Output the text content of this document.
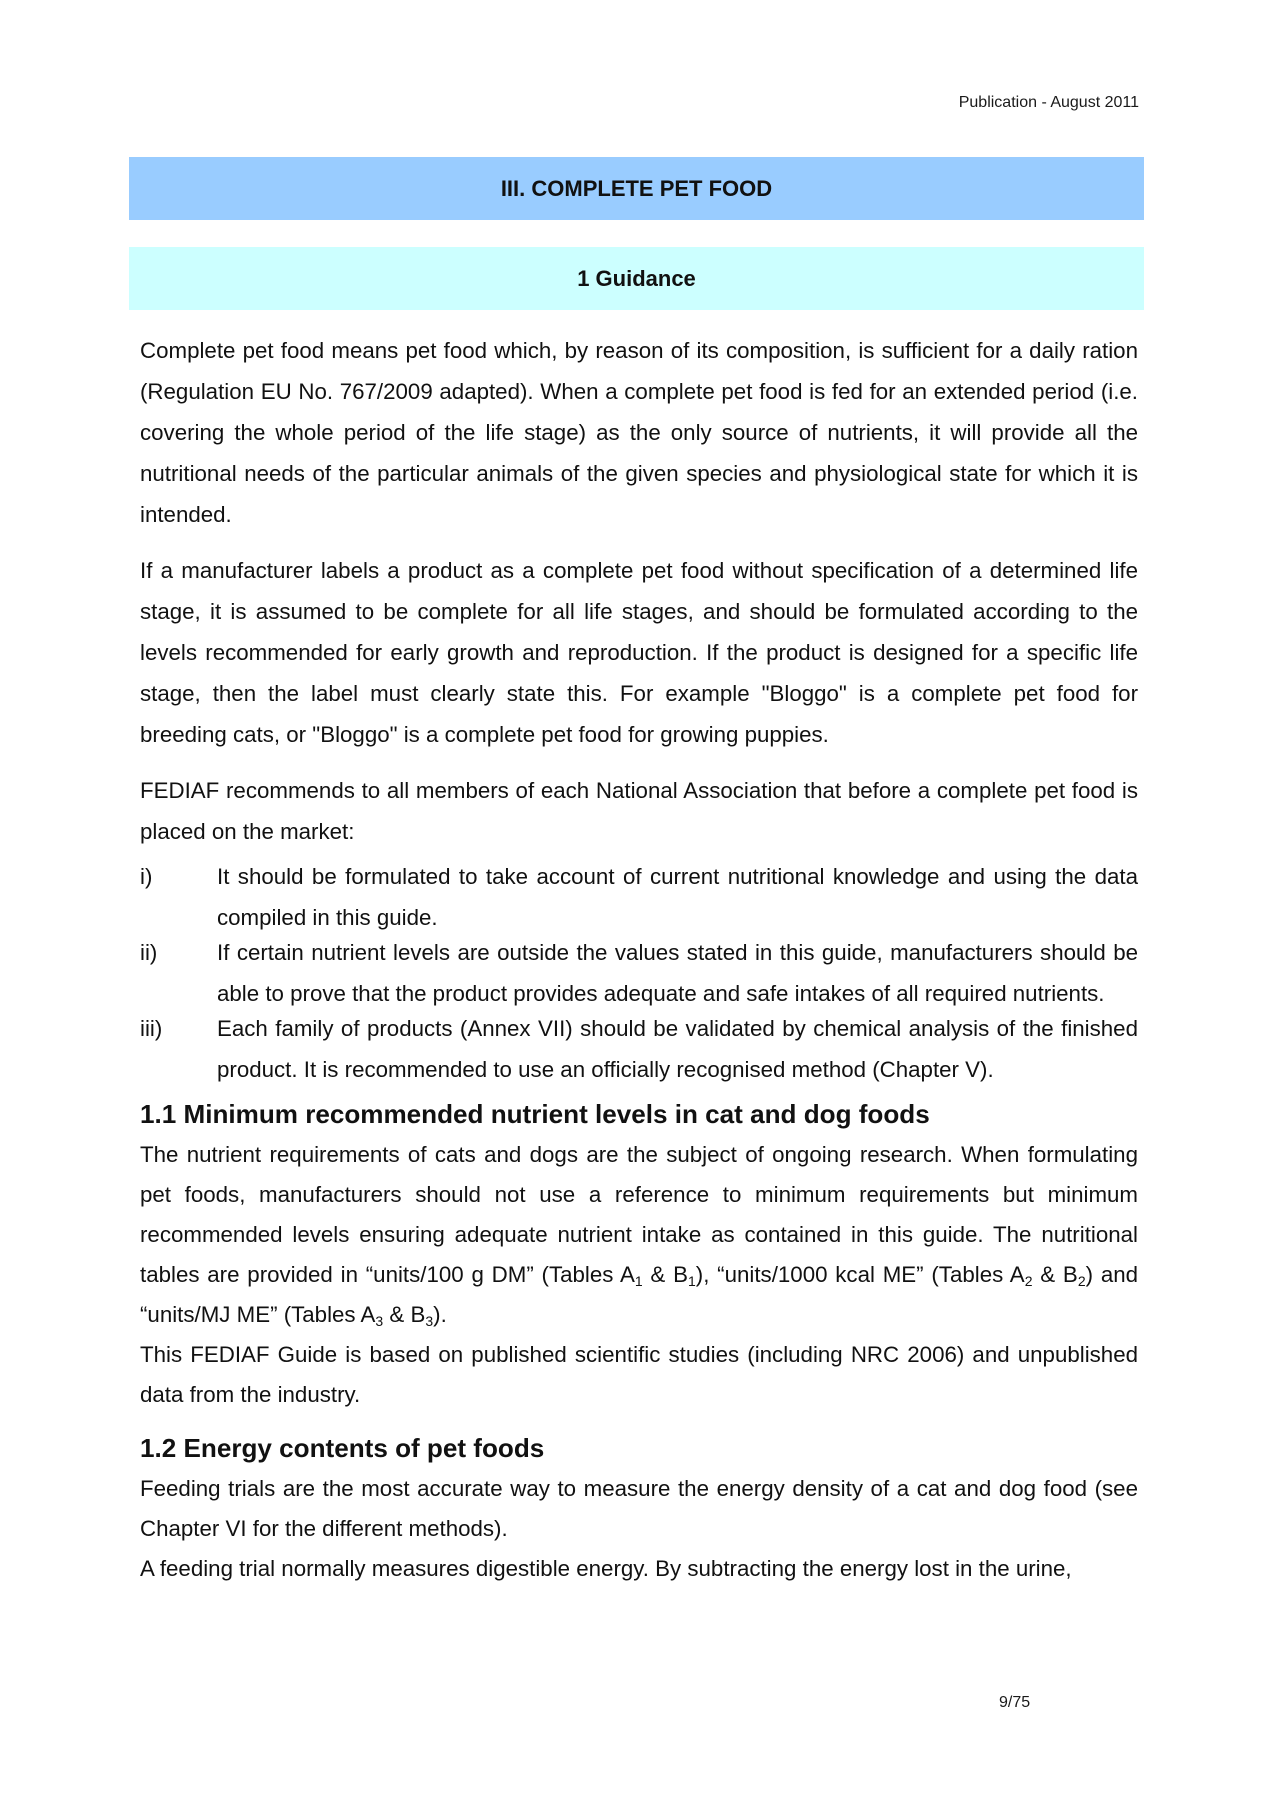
Publication - August 2011
III. COMPLETE PET FOOD
1 Guidance

Complete pet food means pet food which, by reason of its composition, is sufficient for a daily ration (Regulation EU No. 767/2009 adapted). When a complete pet food is fed for an extended period (i.e. covering the whole period of the life stage) as the only source of nutrients, it will provide all the nutritional needs of the particular animals of the given species and physiological state for which it is intended.

If a manufacturer labels a product as a complete pet food without specification of a determined life stage, it is assumed to be complete for all life stages, and should be formulated according to the levels recommended for early growth and reproduction. If the product is designed for a specific life stage, then the label must clearly state this. For example "Bloggo" is a complete pet food for breeding cats, or "Bloggo" is a complete pet food for growing puppies.

FEDIAF recommends to all members of each National Association that before a complete pet food is placed on the market:

i)	It should be formulated to take account of current nutritional knowledge and using the data compiled in this guide.
ii)	If certain nutrient levels are outside the values stated in this guide, manufacturers should be able to prove that the product provides adequate and safe intakes of all required nutrients.
iii)	Each family of products (Annex VII) should be validated by chemical analysis of the finished product. It is recommended to use an officially recognised method (Chapter V).
1.1 Minimum recommended nutrient levels in cat and dog foods

The nutrient requirements of cats and dogs are the subject of ongoing research. When formulating pet foods, manufacturers should not use a reference to minimum requirements but minimum recommended levels ensuring adequate nutrient intake as contained in this guide. The nutritional tables are provided in “units/100 g DM” (Tables $A_1$ & $B_1$), “units/1000 kcal ME” (Tables $A_2$ & $B_2$) and “units/MJ ME” (Tables $A_3$ & $B_3$).

This FEDIAF Guide is based on published scientific studies (including NRC 2006) and unpublished data from the industry.

1.2 Energy contents of pet foods

Feeding trials are the most accurate way to measure the energy density of a cat and dog food (see Chapter VI for the different methods).

A feeding trial normally measures digestible energy. By subtracting the energy lost in the urine,

9/75
